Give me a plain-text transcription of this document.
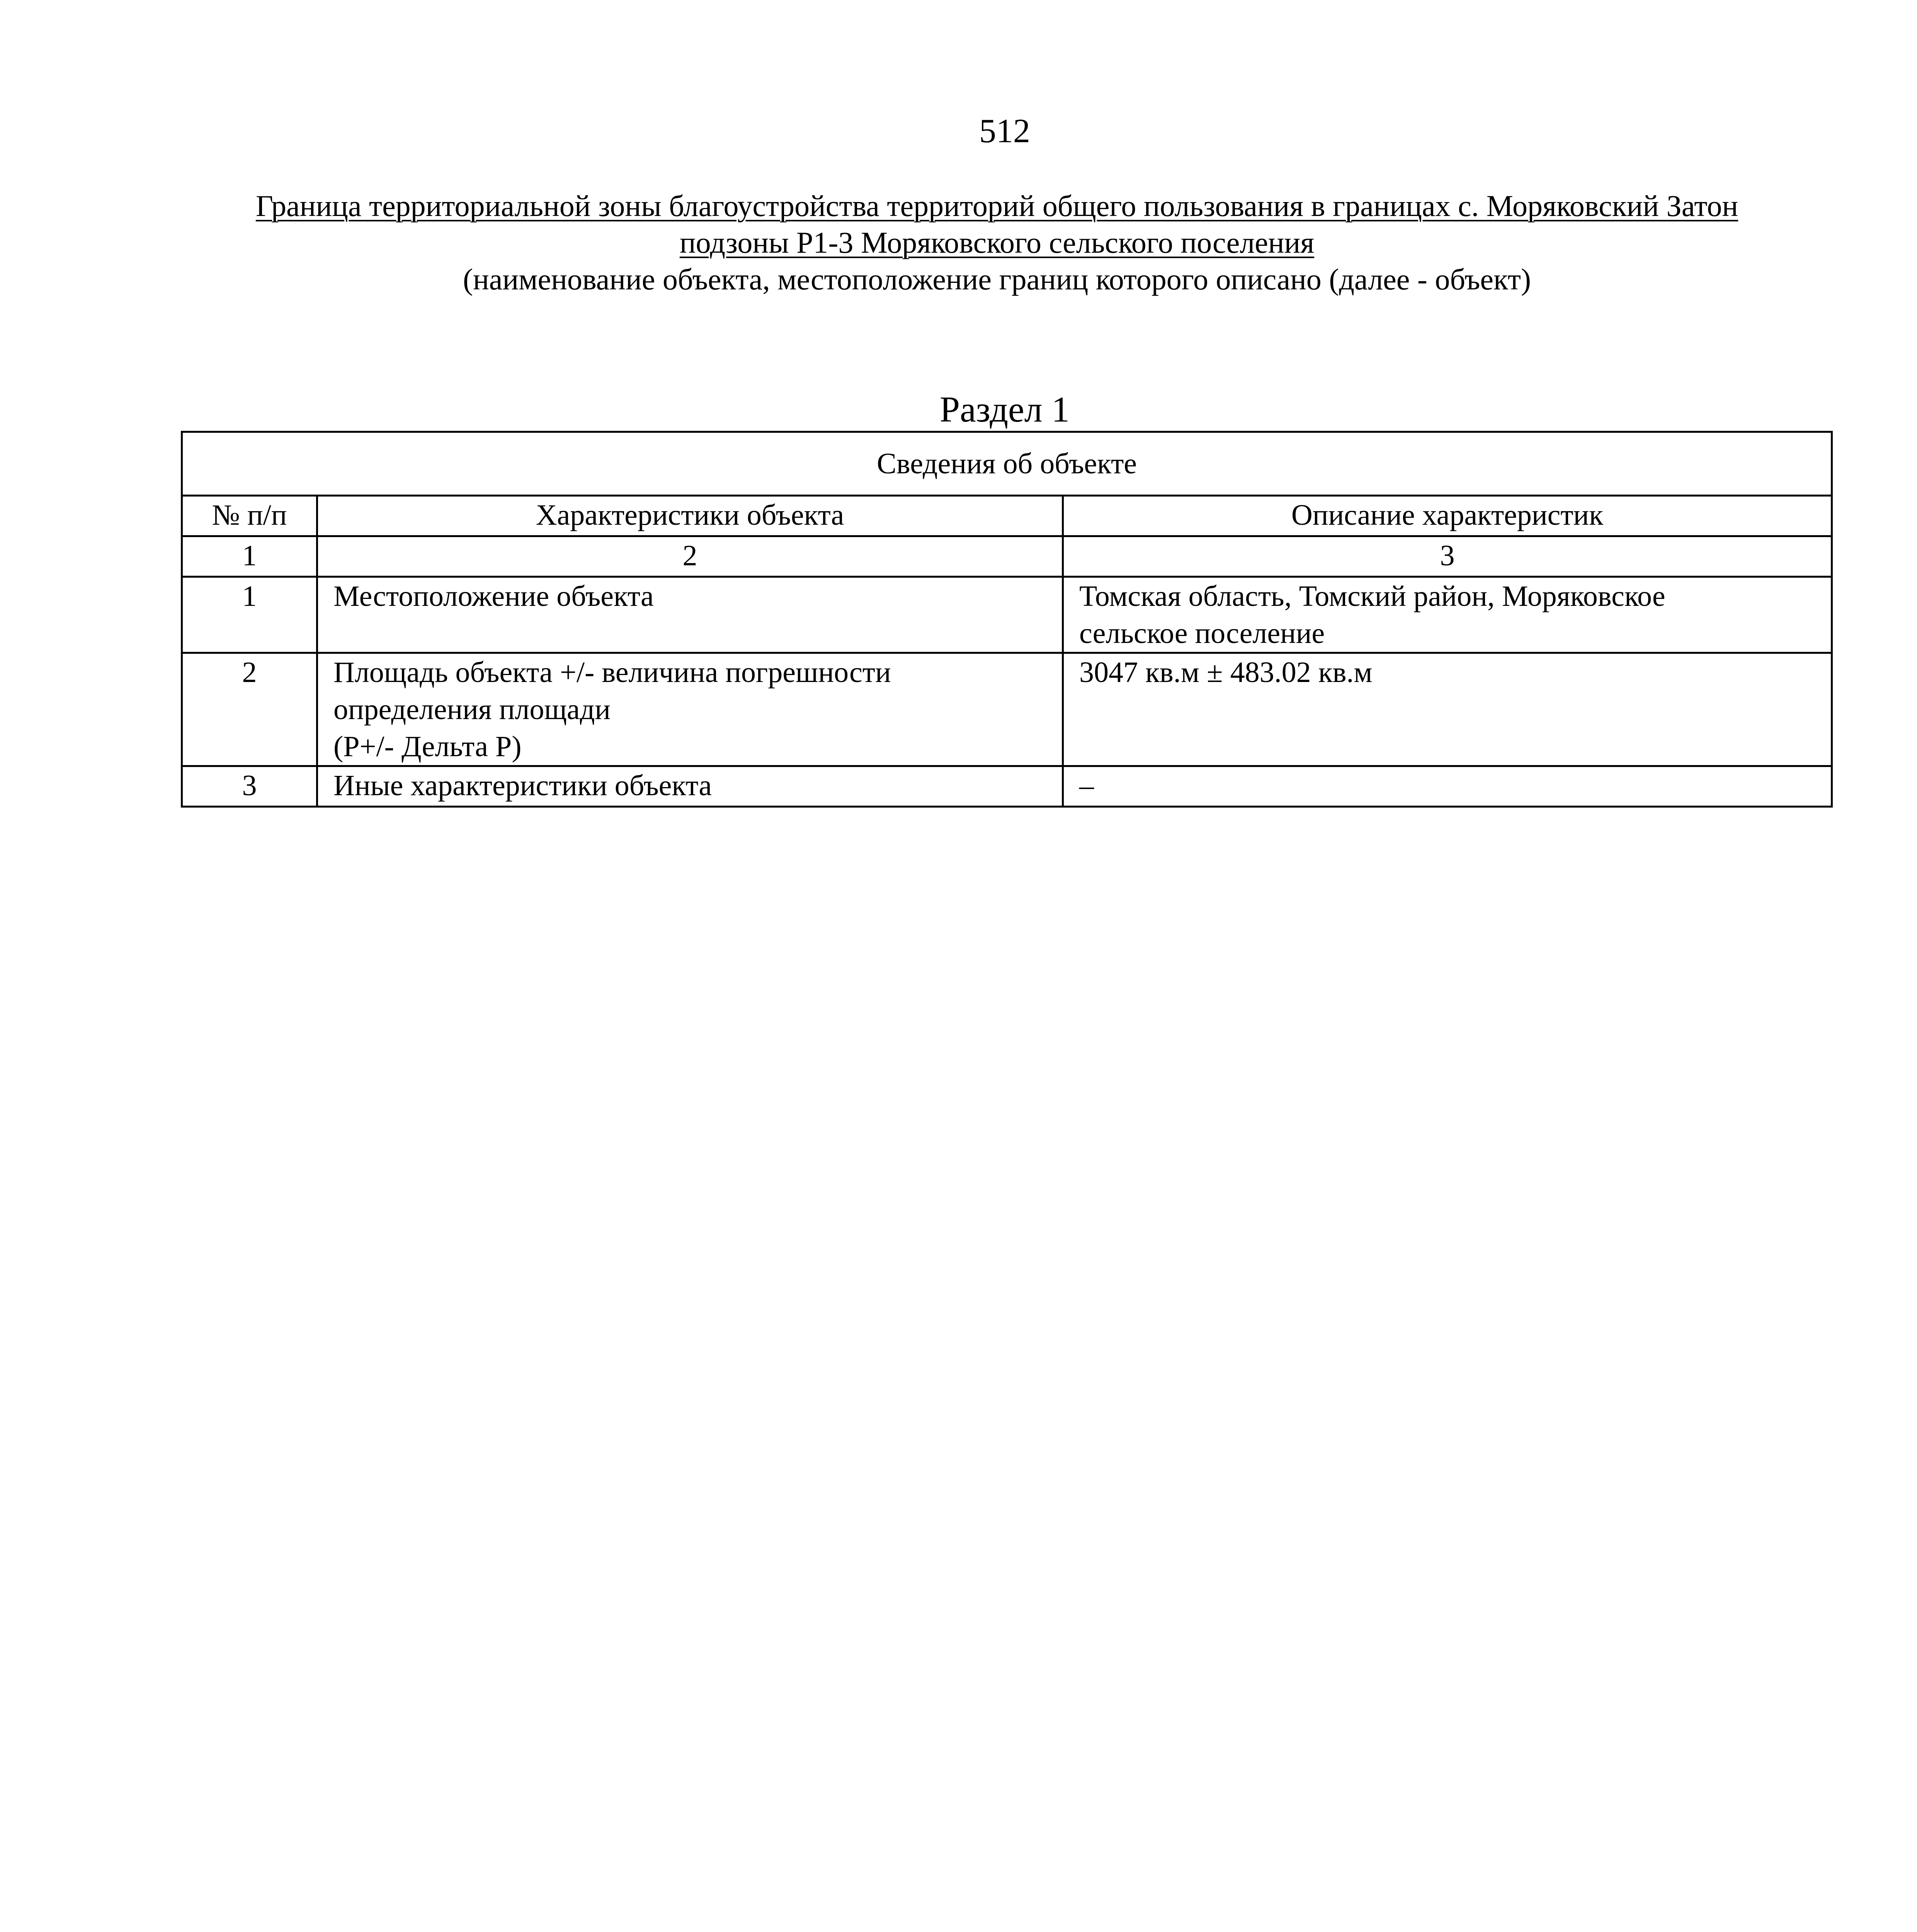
512
Граница территориальной зоны благоустройства территорий общего пользования в границах с. Моряковский Затон
подзоны Р1-3 Моряковского сельского поселения
(наименование объекта, местоположение границ которого описано (далее - объект)
Раздел 1
Сведения об объекте		
№ п/п	Характеристики объекта	Описание характеристик
1	2	3
1	Местоположение объекта	Томская область, Томский район, Моряковское
сельское поселение

2	Площадь объекта +/- величина погрешности
определения площади
(Р+/- Дельта Р)	3047 кв.м ± 483.02 кв.м
3	Иные характеристики объекта	–
